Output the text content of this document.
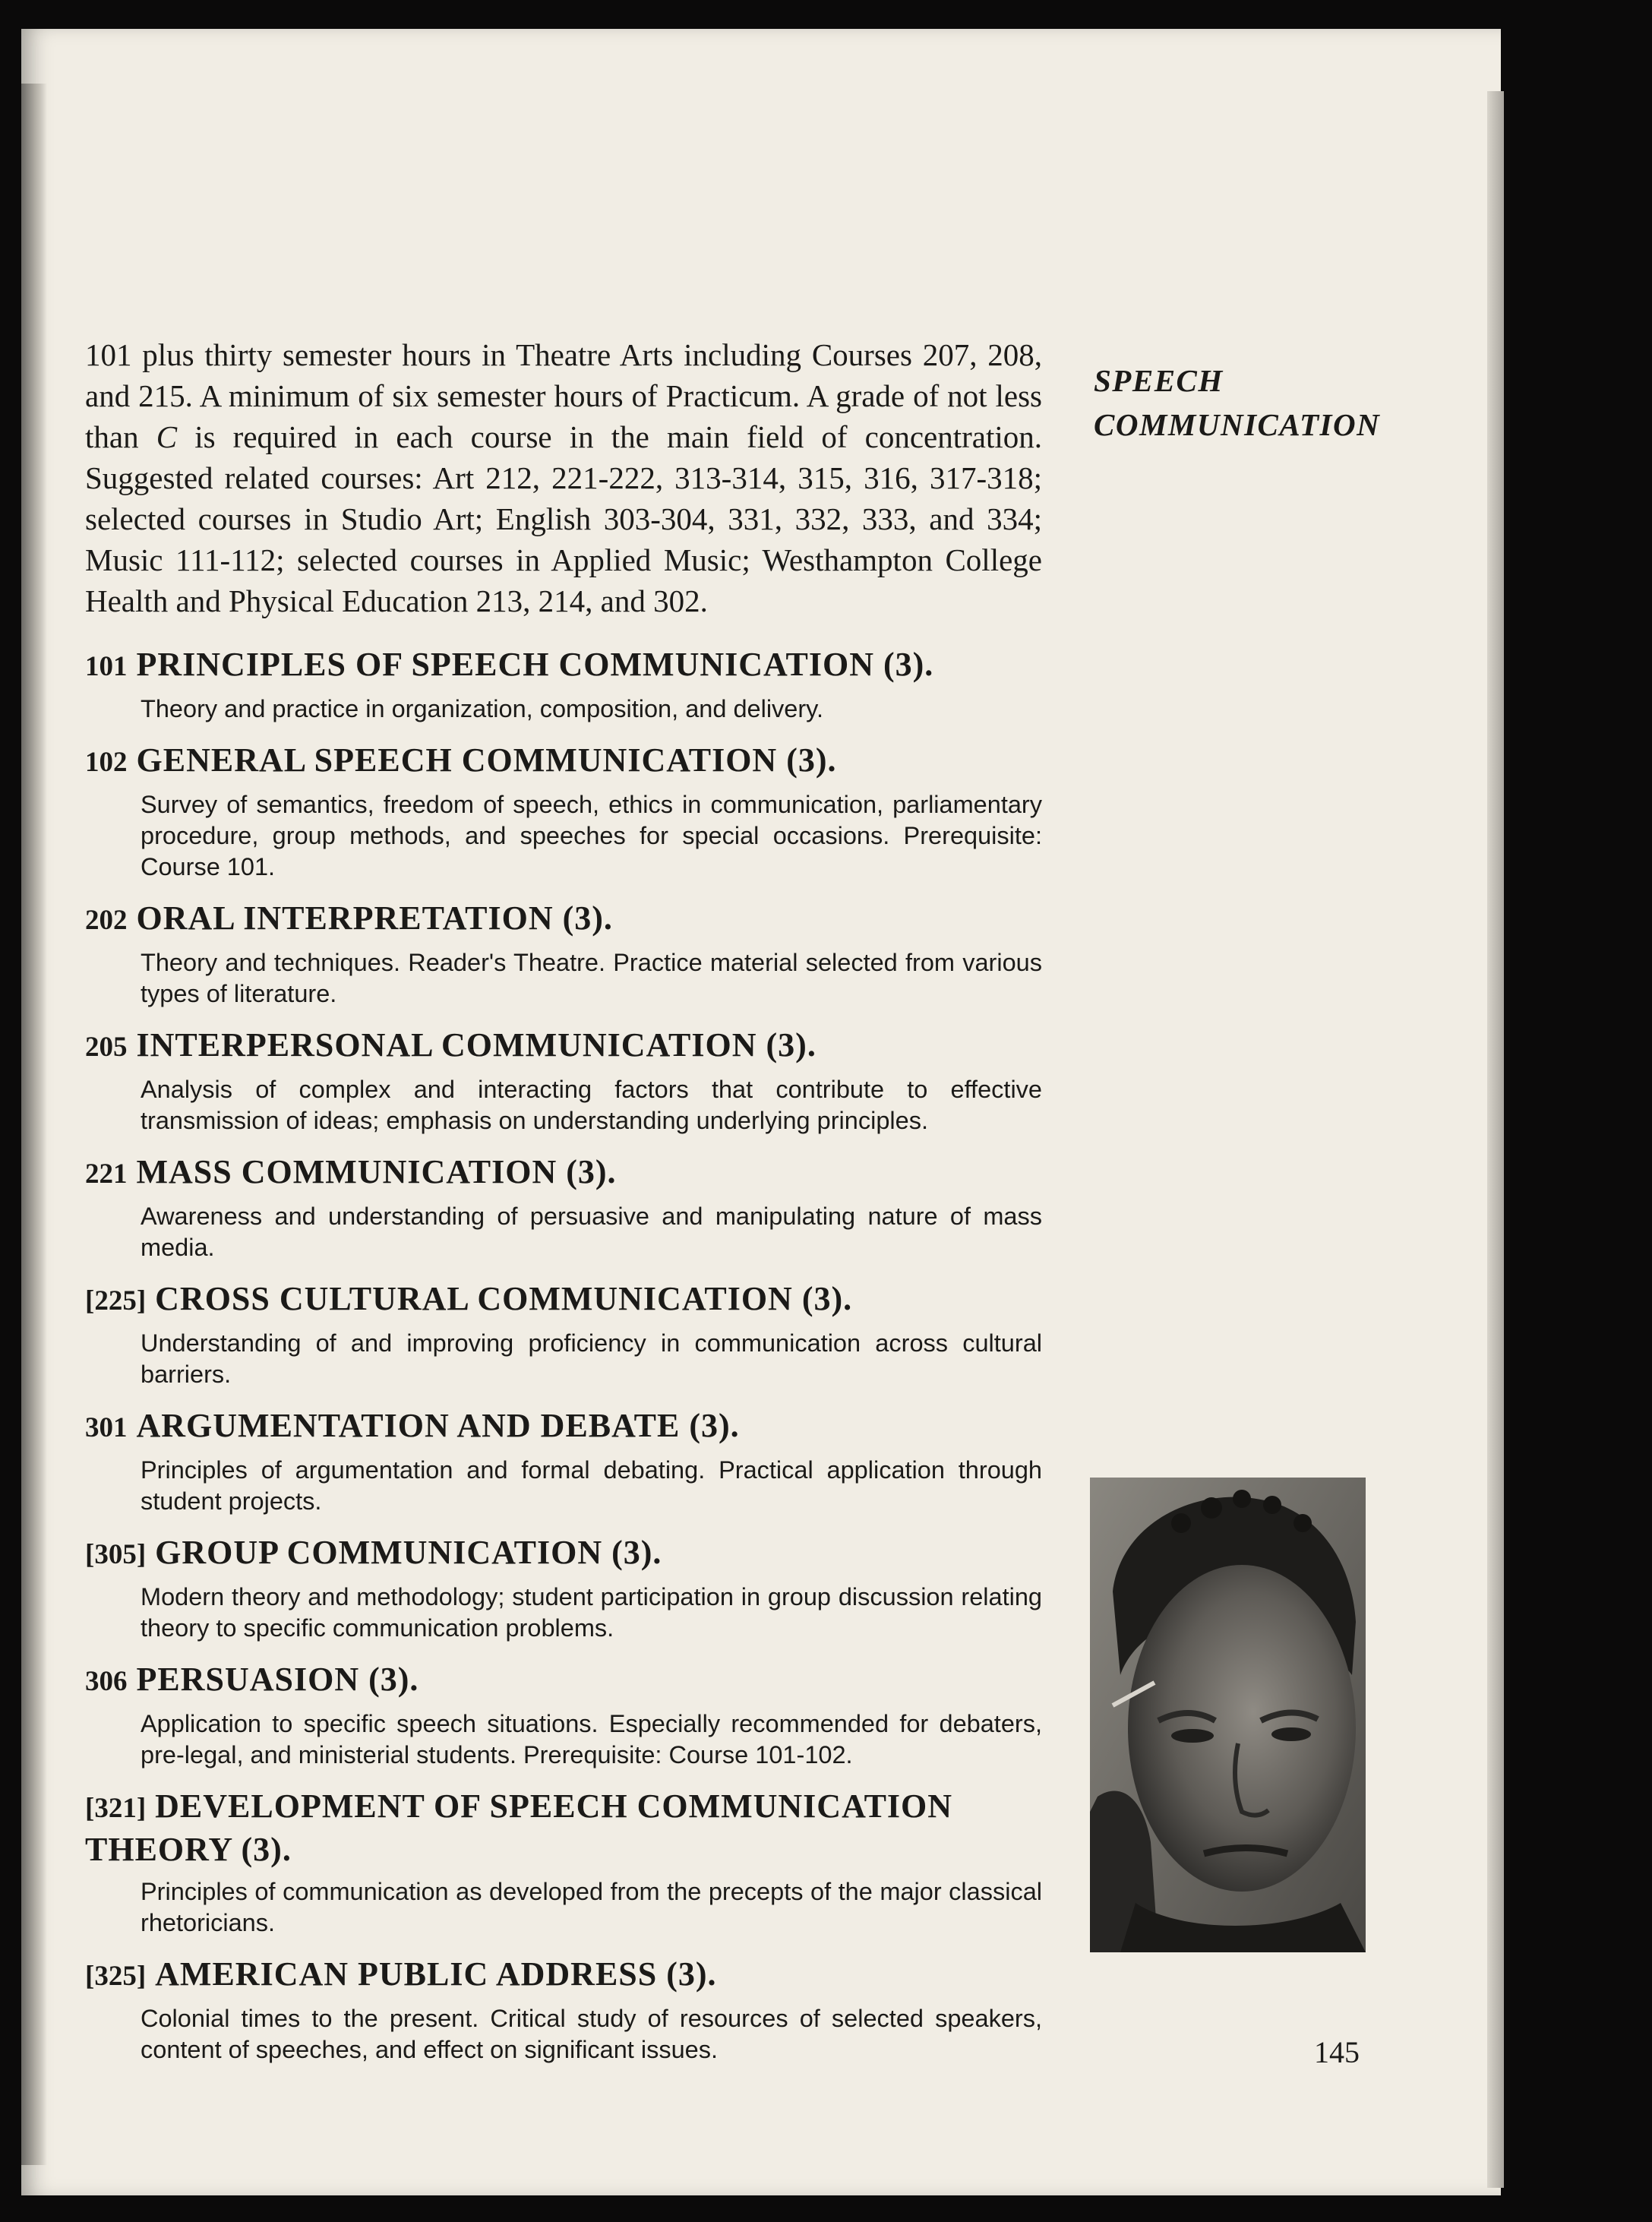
101 plus thirty semester hours in Theatre Arts including Courses 207, 208, and 215. A minimum of six semester hours of Practicum. A grade of not less than C is required in each course in the main field of concentration. Suggested related courses: Art 212, 221-222, 313-314, 315, 316, 317-318; selected courses in Studio Art; English 303-304, 331, 332, 333, and 334; Music 111-112; selected courses in Applied Music; Westhampton College Health and Physical Education 213, 214, and 302.

101 PRINCIPLES OF SPEECH COMMUNICATION (3).

Theory and practice in organization, composition, and delivery.

102 GENERAL SPEECH COMMUNICATION (3).

Survey of semantics, freedom of speech, ethics in communication, parliamentary procedure, group methods, and speeches for special occasions. Prerequisite: Course 101.

202 ORAL INTERPRETATION (3).

Theory and techniques. Reader's Theatre. Practice material selected from various types of literature.

205 INTERPERSONAL COMMUNICATION (3).

Analysis of complex and interacting factors that contribute to effective transmission of ideas; emphasis on understanding underlying principles.

221 MASS COMMUNICATION (3).

Awareness and understanding of persuasive and manipulating nature of mass media.

[225] CROSS CULTURAL COMMUNICATION (3).

Understanding of and improving proficiency in communication across cultural barriers.

301 ARGUMENTATION AND DEBATE (3).

Principles of argumentation and formal debating. Practical application through student projects.

[305] GROUP COMMUNICATION (3).

Modern theory and methodology; student participation in group discussion relating theory to specific communication problems.

306 PERSUASION (3).

Application to specific speech situations. Especially recommended for debaters, pre-legal, and ministerial students. Prerequisite: Course 101-102.

[321] DEVELOPMENT OF SPEECH COMMUNICATION THEORY (3).

Principles of communication as developed from the precepts of the major classical rhetoricians.

[325] AMERICAN PUBLIC ADDRESS (3).

Colonial times to the present. Critical study of resources of selected speakers, content of speeches, and effect on significant issues.

SPEECH
COMMUNICATION

145
